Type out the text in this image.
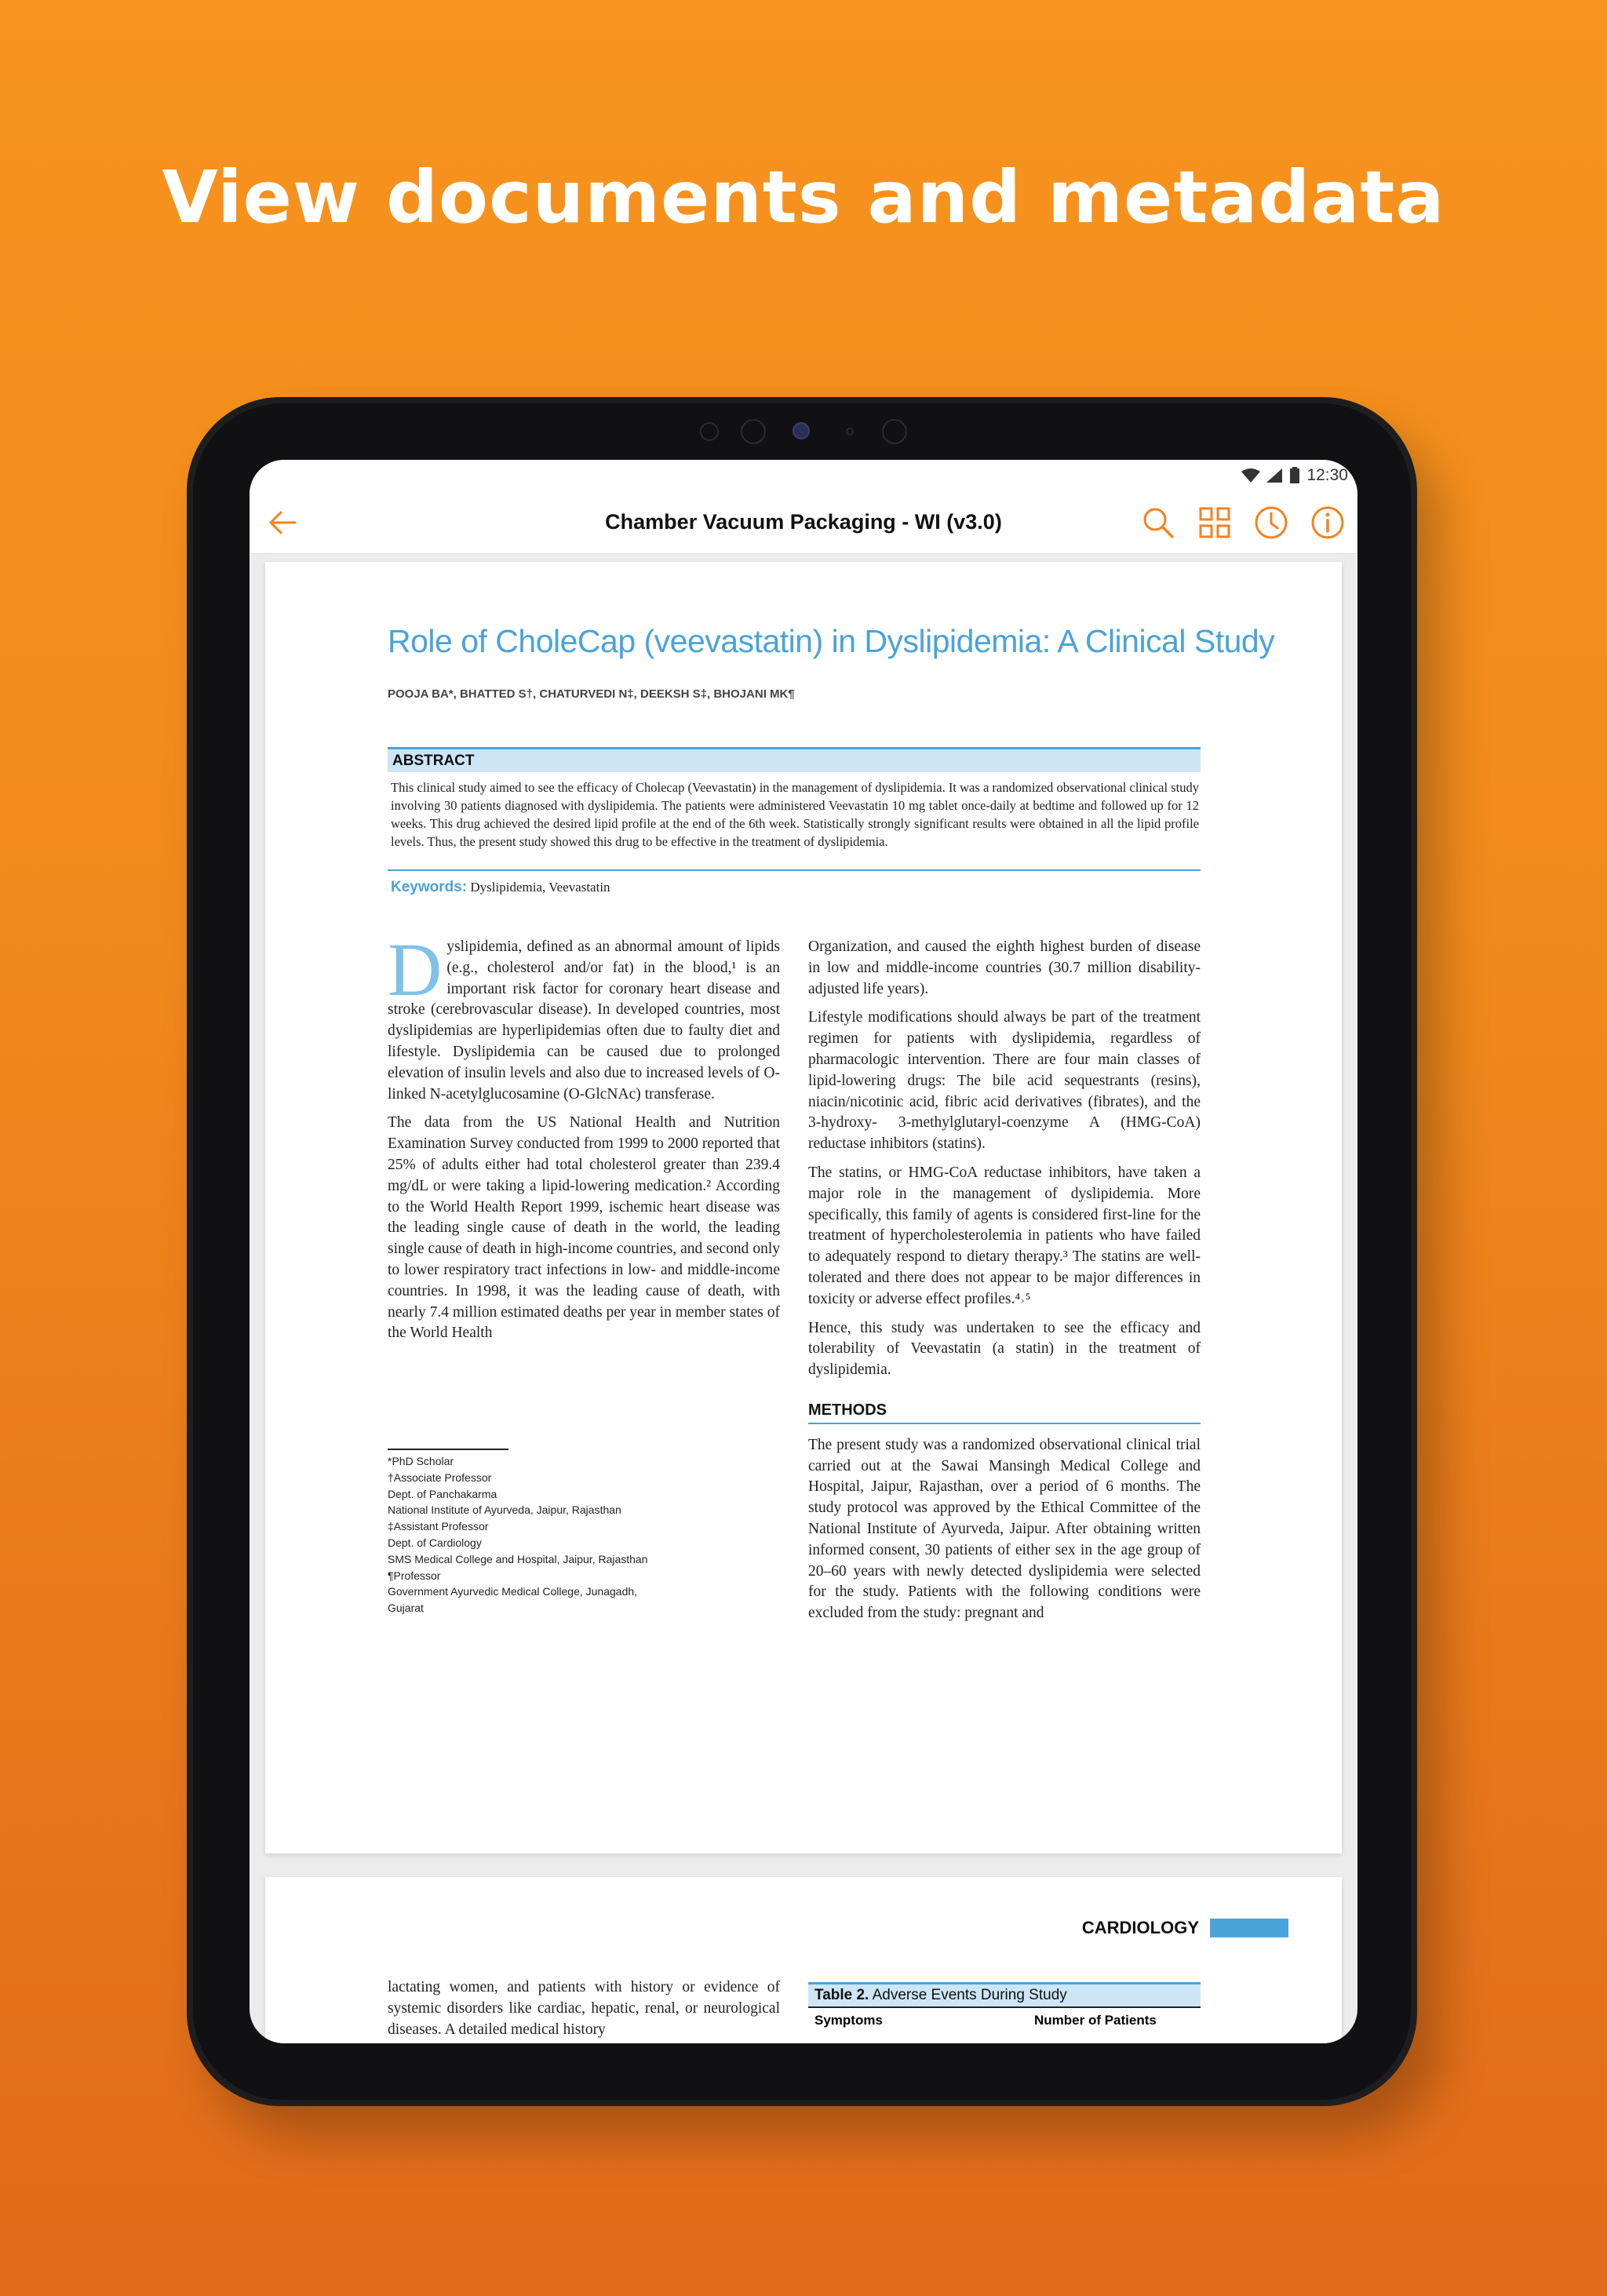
View documents and metadata
12:30
Chamber Vacuum Packaging - WI (v3.0)
Role of CholeCap (veevastatin) in Dyslipidemia: A Clinical Study
POOJA BA*, BHATTED S†, CHATURVEDI N‡, DEEKSH S‡, BHOJANI MK¶
ABSTRACT
This clinical study aimed to see the efficacy of Cholecap (Veevastatin) in the management of dyslipidemia. It was a randomized observational clinical study involving 30 patients diagnosed with dyslipidemia. The patients were administered Veevastatin 10 mg tablet once-daily at bedtime and followed up for 12 weeks. This drug achieved the desired lipid profile at the end of the 6th week. Statistically strongly significant results were obtained in all the lipid profile levels. Thus, the present study showed this drug to be effective in the treatment of dyslipidemia.
Keywords: Dyslipidemia, Veevastatin

D yslipidemia, defined as an abnormal amount of lipids (e.g., cholesterol and/or fat) in the blood,¹ is an important risk factor for coronary heart disease and stroke (cerebrovascular disease). In developed countries, most dyslipidemias are hyperlipidemias often due to faulty diet and lifestyle. Dyslipidemia can be caused due to prolonged elevation of insulin levels and also due to increased levels of O-linked N-acetylglucosamine (O-GlcNAc) transferase.

The data from the US National Health and Nutrition Examination Survey conducted from 1999 to 2000 reported that 25% of adults either had total cholesterol greater than 239.4 mg/dL or were taking a lipid-lowering medication.² According to the World Health Report 1999, ischemic heart disease was the leading single cause of death in the world, the leading single cause of death in high-income countries, and second only to lower respiratory tract infections in low- and middle-income countries. In 1998, it was the leading cause of death, with nearly 7.4 million estimated deaths per year in member states of the World Health

*PhD Scholar
†Associate Professor
Dept. of Panchakarma
National Institute of Ayurveda, Jaipur, Rajasthan
‡Assistant Professor
Dept. of Cardiology
SMS Medical College and Hospital, Jaipur, Rajasthan
¶Professor
Government Ayurvedic Medical College, Junagadh, Gujarat

Organization, and caused the eighth highest burden of disease in low and middle-income countries (30.7 million disability-adjusted life years).

Lifestyle modifications should always be part of the treatment regimen for patients with dyslipidemia, regardless of pharmacologic intervention. There are four main classes of lipid-lowering drugs: The bile acid sequestrants (resins), niacin/nicotinic acid, fibric acid derivatives (fibrates), and the 3-hydroxy- 3-methylglutaryl-coenzyme A (HMG-CoA) reductase inhibitors (statins).

The statins, or HMG-CoA reductase inhibitors, have taken a major role in the management of dyslipidemia. More specifically, this family of agents is considered first-line for the treatment of hypercholesterolemia in patients who have failed to adequately respond to dietary therapy.³ The statins are well-tolerated and there does not appear to be major differences in toxicity or adverse effect profiles.⁴˒⁵

Hence, this study was undertaken to see the efficacy and tolerability of Veevastatin (a statin) in the treatment of dyslipidemia.

METHODS

The present study was a randomized observational clinical trial carried out at the Sawai Mansingh Medical College and Hospital, Jaipur, Rajasthan, over a period of 6 months. The study protocol was approved by the Ethical Committee of the National Institute of Ayurveda, Jaipur. After obtaining written informed consent, 30 patients of either sex in the age group of 20–60 years with newly detected dyslipidemia were selected for the study. Patients with the following conditions were excluded from the study: pregnant and

CARDIOLOGY
lactating women, and patients with history or evidence of systemic disorders like cardiac, hepatic, renal, or neurological diseases. A detailed medical history
Table 2. Adverse Events During Study
Symptoms	Number of Patients
